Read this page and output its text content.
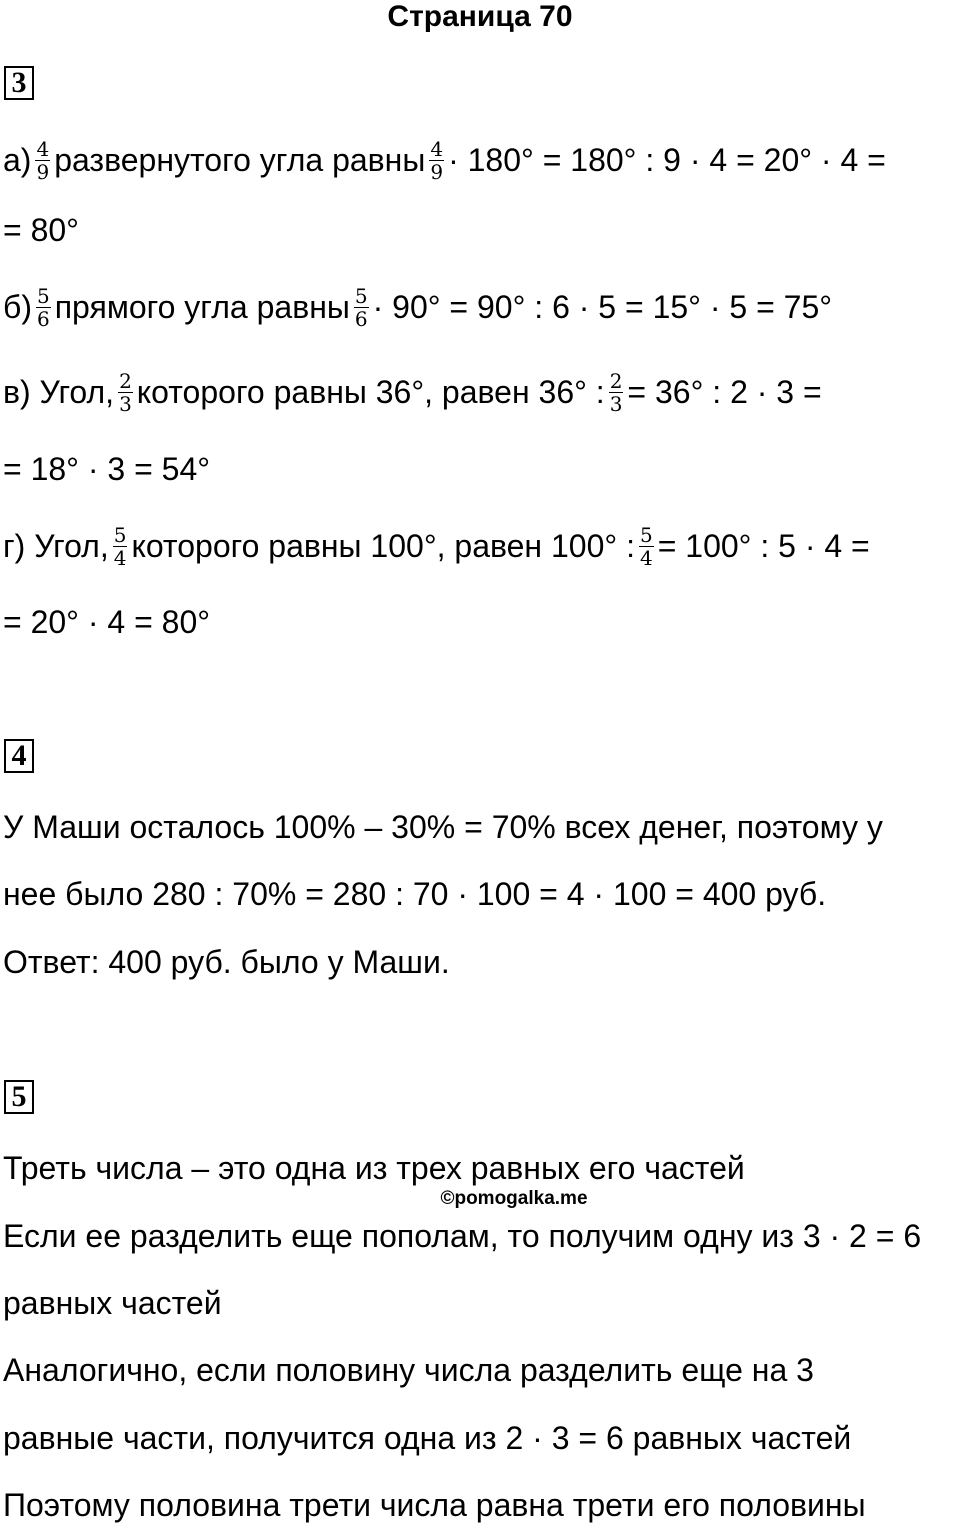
Страница 70
3
$а) \frac{4}{9}$ развернутого угла равны $\frac{4}{9} \cdot 180^\circ = 180^\circ$ : 9 · 4 = 20° · 4 =
= 80°
$б) \frac{5}{6}$ прямого угла равны $\frac{5}{6} \cdot 90^\circ = 90^\circ$ : 6 · 5 = 15° · 5 = 75°
в) Угол, $\frac{2}{3}$ которого равны 36°, равен 36° : $\frac{2}{3} = 36^\circ$ : 2 · 3 =
= 18° · 3 = 54°
г) Угол, $\frac{5}{4}$ которого равны 100°, равен 100° : $\frac{5}{4} = 100^\circ$ : 5 · 4 =
= 20° · 4 = 80°
4
У Маши осталось 100% – 30% = 70% всех денег, поэтому у
нее было 280 : 70% = 280 : 70 · 100 = 4 · 100 = 400 руб.
Ответ: 400 руб. было у Маши.
5
Треть числа – это одна из трех равных его частей
©pomogalka.me
Если ее разделить еще пополам, то получим одну из 3 · 2 = 6
равных частей
Аналогично, если половину числа разделить еще на 3
равные части, получится одна из 2 · 3 = 6 равных частей
Поэтому половина трети числа равна трети его половины
